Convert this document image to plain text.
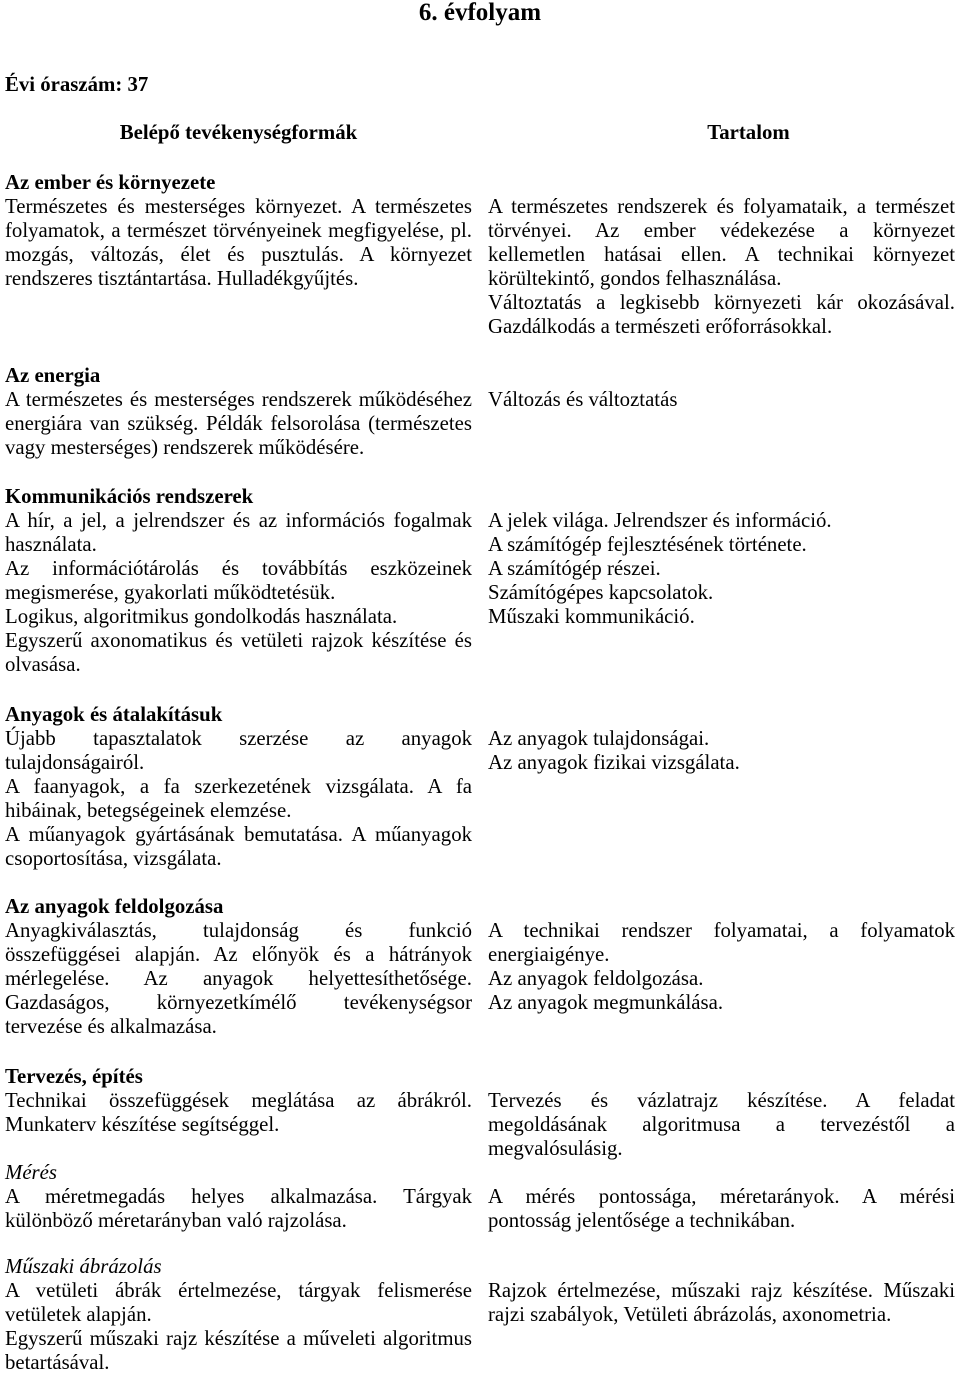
6. évfolyam
Évi óraszám: 37
Belépő tevékenységformák	Tartalom
Az ember és környezete
Természetes és mesterséges környezet. A természetes
folyamatok, a természet törvényeinek megfigyelése, pl.
mozgás, változás, élet és pusztulás. A környezet
rendszeres tisztántartása. Hulladékgyűjtés.
A természetes rendszerek és folyamataik, a természet
törvényei. Az ember védekezése a környezet
kellemetlen hatásai ellen. A technikai környezet
körültekintő, gondos felhasználása.
Változtatás a legkisebb környezeti kár okozásával.
Gazdálkodás a természeti erőforrásokkal.
Az energia
A természetes és mesterséges rendszerek működéséhez
energiára van szükség. Példák felsorolása (természetes
vagy mesterséges) rendszerek működésére.
Változás és változtatás
Kommunikációs rendszerek
A hír, a jel, a jelrendszer és az információs fogalmak
használata.
Az információtárolás és továbbítás eszközeinek
megismerése, gyakorlati működtetésük.
Logikus, algoritmikus gondolkodás használata.
Egyszerű axonomatikus és vetületi rajzok készítése és
olvasása.
A jelek világa. Jelrendszer és információ.
A számítógép fejlesztésének története.
A számítógép részei.
Számítógépes kapcsolatok.
Műszaki kommunikáció.
Anyagok és átalakításuk
Újabb tapasztalatok szerzése az anyagok
tulajdonságairól.
A faanyagok, a fa szerkezetének vizsgálata. A fa
hibáinak, betegségeinek elemzése.
A műanyagok gyártásának bemutatása. A műanyagok
csoportosítása, vizsgálata.
Az anyagok tulajdonságai.
Az anyagok fizikai vizsgálata.
Az anyagok feldolgozása
Anyagkiválasztás, tulajdonság és funkció
összefüggései alapján. Az előnyök és a hátrányok
mérlegelése. Az anyagok helyettesíthetősége.
Gazdaságos, környezetkímélő tevékenységsor
tervezése és alkalmazása.
A technikai rendszer folyamatai, a folyamatok
energiaigénye.
Az anyagok feldolgozása.
Az anyagok megmunkálása.
Tervezés, építés
Technikai összefüggések meglátása az ábrákról.
Munkaterv készítése segítséggel.
Tervezés és vázlatrajz készítése. A feladat
megoldásának algoritmusa a tervezéstől a
megvalósulásig.
Mérés
A méretmegadás helyes alkalmazása. Tárgyak
különböző méretarányban való rajzolása.
A mérés pontossága, méretarányok. A mérési
pontosság jelentősége a technikában.
Műszaki ábrázolás
A vetületi ábrák értelmezése, tárgyak felismerése
vetületek alapján.
Egyszerű műszaki rajz készítése a műveleti algoritmus
betartásával.
Rajzok értelmezése, műszaki rajz készítése. Műszaki
rajzi szabályok, Vetületi ábrázolás, axonometria.
